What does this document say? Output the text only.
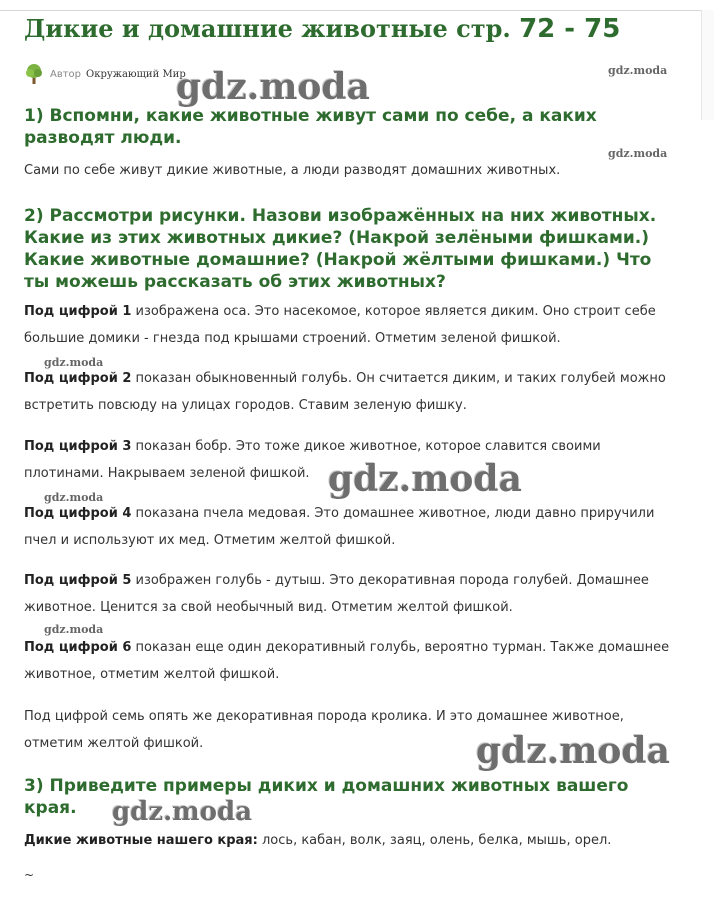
Дикие и домашние животные стр. 72 - 75
Автор Окружающий Мир
1) Вспомни, какие животные живут сами по себе, а каких разводят люди.

Сами по себе живут дикие животные, а люди разводят домашних животных.

2) Рассмотри рисунки. Назови изображённых на них животных. Какие из этих животных дикие? (Накрой зелёными фишками.) Какие животные домашние? (Накрой жёлтыми фишками.) Что ты можешь рассказать об этих животных?

Под цифрой 1 изображена оса. Это насекомое, которое является диким. Оно строит себе большие домики - гнезда под крышами строений. Отметим зеленой фишкой.

Под цифрой 2 показан обыкновенный голубь. Он считается диким, и таких голубей можно встретить повсюду на улицах городов. Ставим зеленую фишку.

Под цифрой 3 показан бобр. Это тоже дикое животное, которое славится своими плотинами. Накрываем зеленой фишкой.

Под цифрой 4 показана пчела медовая. Это домашнее животное, люди давно приручили пчел и используют их мед. Отметим желтой фишкой.

Под цифрой 5 изображен голубь - дутыш. Это декоративная порода голубей. Домашнее животное. Ценится за свой необычный вид. Отметим желтой фишкой.

Под цифрой 6 показан еще один декоративный голубь, вероятно турман. Также домашнее животное, отметим желтой фишкой.

Под цифрой семь опять же декоративная порода кролика. И это домашнее животное, отметим желтой фишкой.

3) Приведите примеры диких и домашних животных вашего края.

Дикие животные нашего края: лось, кабан, волк, заяц, олень, белка, мышь, орел.

~
gdz.moda	gdz.moda
gdz.moda
gdz.moda
gdz.moda
gdz.moda
gdz.moda
gdz.moda
gdz.moda
